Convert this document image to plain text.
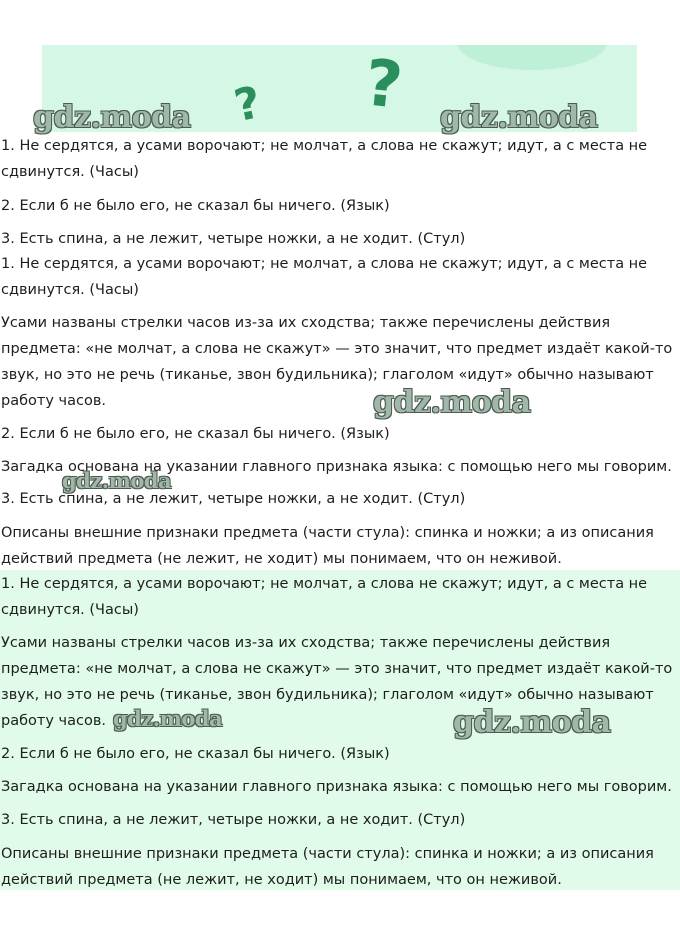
? ?

1. Не сердятся, а усами ворочают; не молчат, а слова не скажут; идут, а с места не

сдвинутся. (Часы)

2. Если б не было его, не сказал бы ничего. (Язык)

3. Есть спина, а не лежит, четыре ножки, а не ходит. (Стул)

1. Не сердятся, а усами ворочают; не молчат, а слова не скажут; идут, а с места не

сдвинутся. (Часы)

Усами названы стрелки часов из-за их сходства; также перечислены действия

предмета: «не молчат, а слова не скажут» — это значит, что предмет издаёт какой-то

звук, но это не речь (тиканье, звон будильника); глаголом «идут» обычно называют

работу часов.

2. Если б не было его, не сказал бы ничего. (Язык)

Загадка основана на указании главного признака языка: с помощью него мы говорим.

3. Есть спина, а не лежит, четыре ножки, а не ходит. (Стул)

Описаны внешние признаки предмета (части стула): спинка и ножки; а из описания

действий предмета (не лежит, не ходит) мы понимаем, что он неживой.

1. Не сердятся, а усами ворочают; не молчат, а слова не скажут; идут, а с места не

сдвинутся. (Часы)

Усами названы стрелки часов из-за их сходства; также перечислены действия

предмета: «не молчат, а слова не скажут» — это значит, что предмет издаёт какой-то

звук, но это не речь (тиканье, звон будильника); глаголом «идут» обычно называют

работу часов.

2. Если б не было его, не сказал бы ничего. (Язык)

Загадка основана на указании главного признака языка: с помощью него мы говорим.

3. Есть спина, а не лежит, четыре ножки, а не ходит. (Стул)

Описаны внешние признаки предмета (части стула): спинка и ножки; а из описания

действий предмета (не лежит, не ходит) мы понимаем, что он неживой.

gdz.moda	gdz.moda
gdz.moda
gdz.moda
gdz.moda	gdz.moda
